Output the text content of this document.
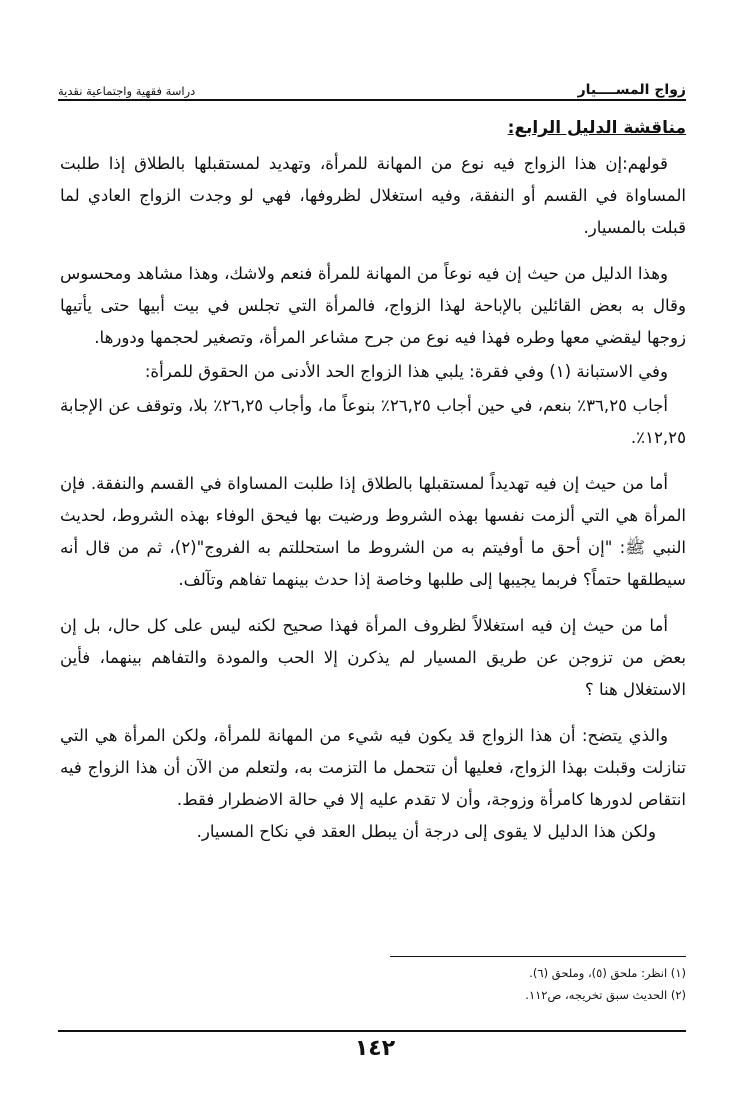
زواج المســــيار
دراسة فقهية واجتماعية نقدية
مناقشة الدليل الرابع:

قولهم:إن هذا الزواج فيه نوع من المهانة للمرأة، وتهديد لمستقبلها بالطلاق إذا طلبت المساواة في القسم أو النفقة، وفيه استغلال لظروفها، فهي لو وجدت الزواج العادي لما قبلت بالمسيار.

وهذا الدليل من حيث إن فيه نوعاً من المهانة للمرأة فنعم ولاشك، وهذا مشاهد ومحسوس وقال به بعض القائلين بالإباحة لهذا الزواج، فالمرأة التي تجلس في بيت أبيها حتى يأتيها زوجها ليقضي معها وطره فهذا فيه نوع من جرح مشاعر المرأة، وتصغير لحجمها ودورها.

وفي الاستبانة (١) وفي فقرة: يلبي هذا الزواج الحد الأدنى من الحقوق للمرأة:

أجاب ٣٦,٢٥٪ بنعم، في حين أجاب ٢٦,٢٥٪ بنوعاً ما، وأجاب ٢٦,٢٥٪ بلا، وتوقف عن الإجابة ١٢,٢٥٪.

أما من حيث إن فيه تهديداً لمستقبلها بالطلاق إذا طلبت المساواة في القسم والنفقة. فإن المرأة هي التي ألزمت نفسها بهذه الشروط ورضيت بها فيحق الوفاء بهذه الشروط، لحديث النبي ﷺ: "إن أحق ما أوفيتم به من الشروط ما استحللتم به الفروج"(٢)، ثم من قال أنه سيطلقها حتماً؟ فربما يجيبها إلى طلبها وخاصة إذا حدث بينهما تفاهم وتآلف.

أما من حيث إن فيه استغلالاً لظروف المرأة فهذا صحيح لكنه ليس على كل حال، بل إن بعض من تزوجن عن طريق المسيار لم يذكرن إلا الحب والمودة والتفاهم بينهما، فأين الاستغلال هنا ؟

والذي يتضح: أن هذا الزواج قد يكون فيه شيء من المهانة للمرأة، ولكن المرأة هي التي تنازلت وقبلت بهذا الزواج، فعليها أن تتحمل ما التزمت به، ولتعلم من الآن أن هذا الزواج فيه انتقاص لدورها كامرأة وزوجة، وأن لا تقدم عليه إلا في حالة الاضطرار فقط.

ولكن هذا الدليل لا يقوى إلى درجة أن يبطل العقد في نكاح المسيار.

(١) انظر: ملحق (٥)، وملحق (٦).
(٢) الحديث سبق تخريجه، ص١١٢.
١٤٢
